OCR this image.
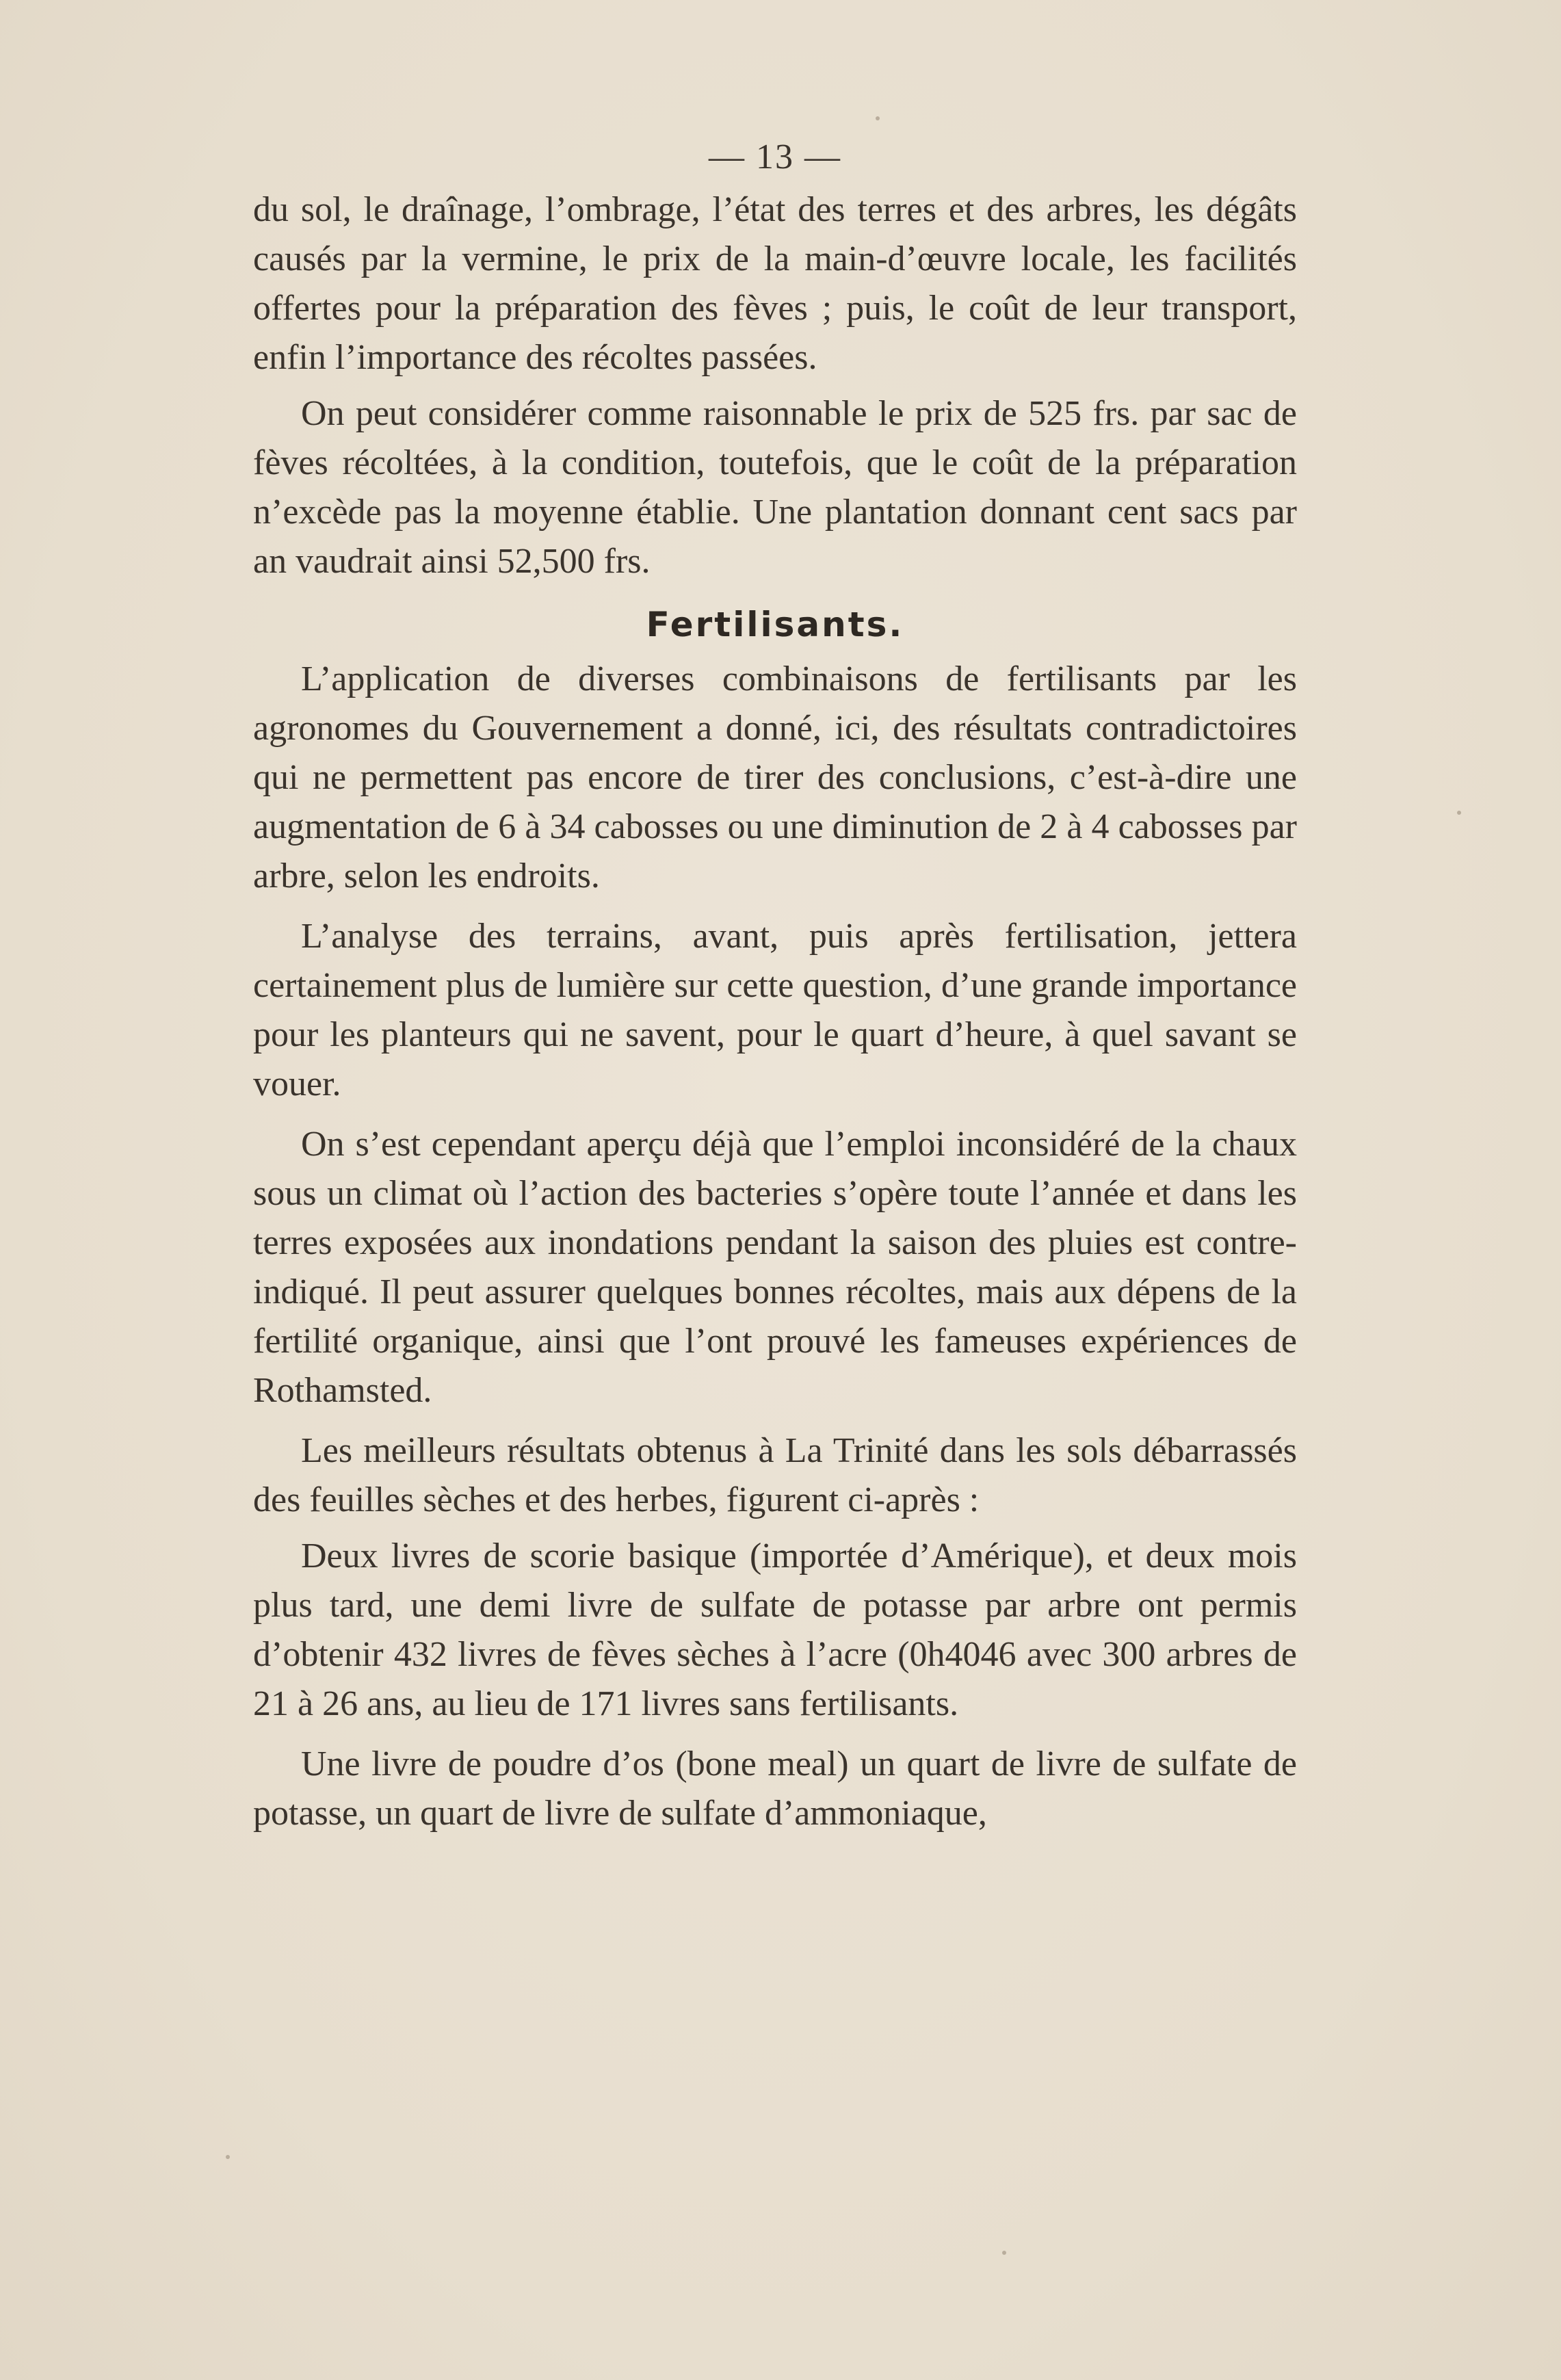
— 13 —

du sol, le draînage, l’ombrage, l’état des terres et des arbres, les dégâts causés par la vermine, le prix de la main-d’œuvre locale, les facilités offertes pour la préparation des fèves ; puis, le coût de leur transport, enfin l’importance des récoltes passées.

On peut considérer comme raisonnable le prix de 525 frs. par sac de fèves récoltées, à la condition, toutefois, que le coût de la préparation n’excède pas la moyenne établie. Une plantation donnant cent sacs par an vaudrait ainsi 52,500 frs.

Fertilisants.

L’application de diverses combinaisons de fertilisants par les agronomes du Gouvernement a donné, ici, des résultats contradictoires qui ne permettent pas encore de tirer des conclusions, c’est-à-dire une augmentation de 6 à 34 cabosses ou une diminution de 2 à 4 cabosses par arbre, selon les endroits.

L’analyse des terrains, avant, puis après fertilisation, jettera certainement plus de lumière sur cette question, d’une grande importance pour les planteurs qui ne savent, pour le quart d’heure, à quel savant se vouer.

On s’est cependant aperçu déjà que l’emploi inconsidéré de la chaux sous un climat où l’action des bacteries s’opère toute l’année et dans les terres exposées aux inondations pendant la saison des pluies est contre-indiqué. Il peut assurer quelques bonnes récoltes, mais aux dépens de la fertilité organique, ainsi que l’ont prouvé les fameuses expériences de Rothamsted.

Les meilleurs résultats obtenus à La Trinité dans les sols débarrassés des feuilles sèches et des herbes, figurent ci-après :

Deux livres de scorie basique (importée d’Amérique), et deux mois plus tard, une demi livre de sulfate de potasse par arbre ont permis d’obtenir 432 livres de fèves sèches à l’acre (0h4046 avec 300 arbres de 21 à 26 ans, au lieu de 171 livres sans fertilisants.

Une livre de poudre d’os (bone meal) un quart de livre de sulfate de potasse, un quart de livre de sulfate d’ammoniaque,
